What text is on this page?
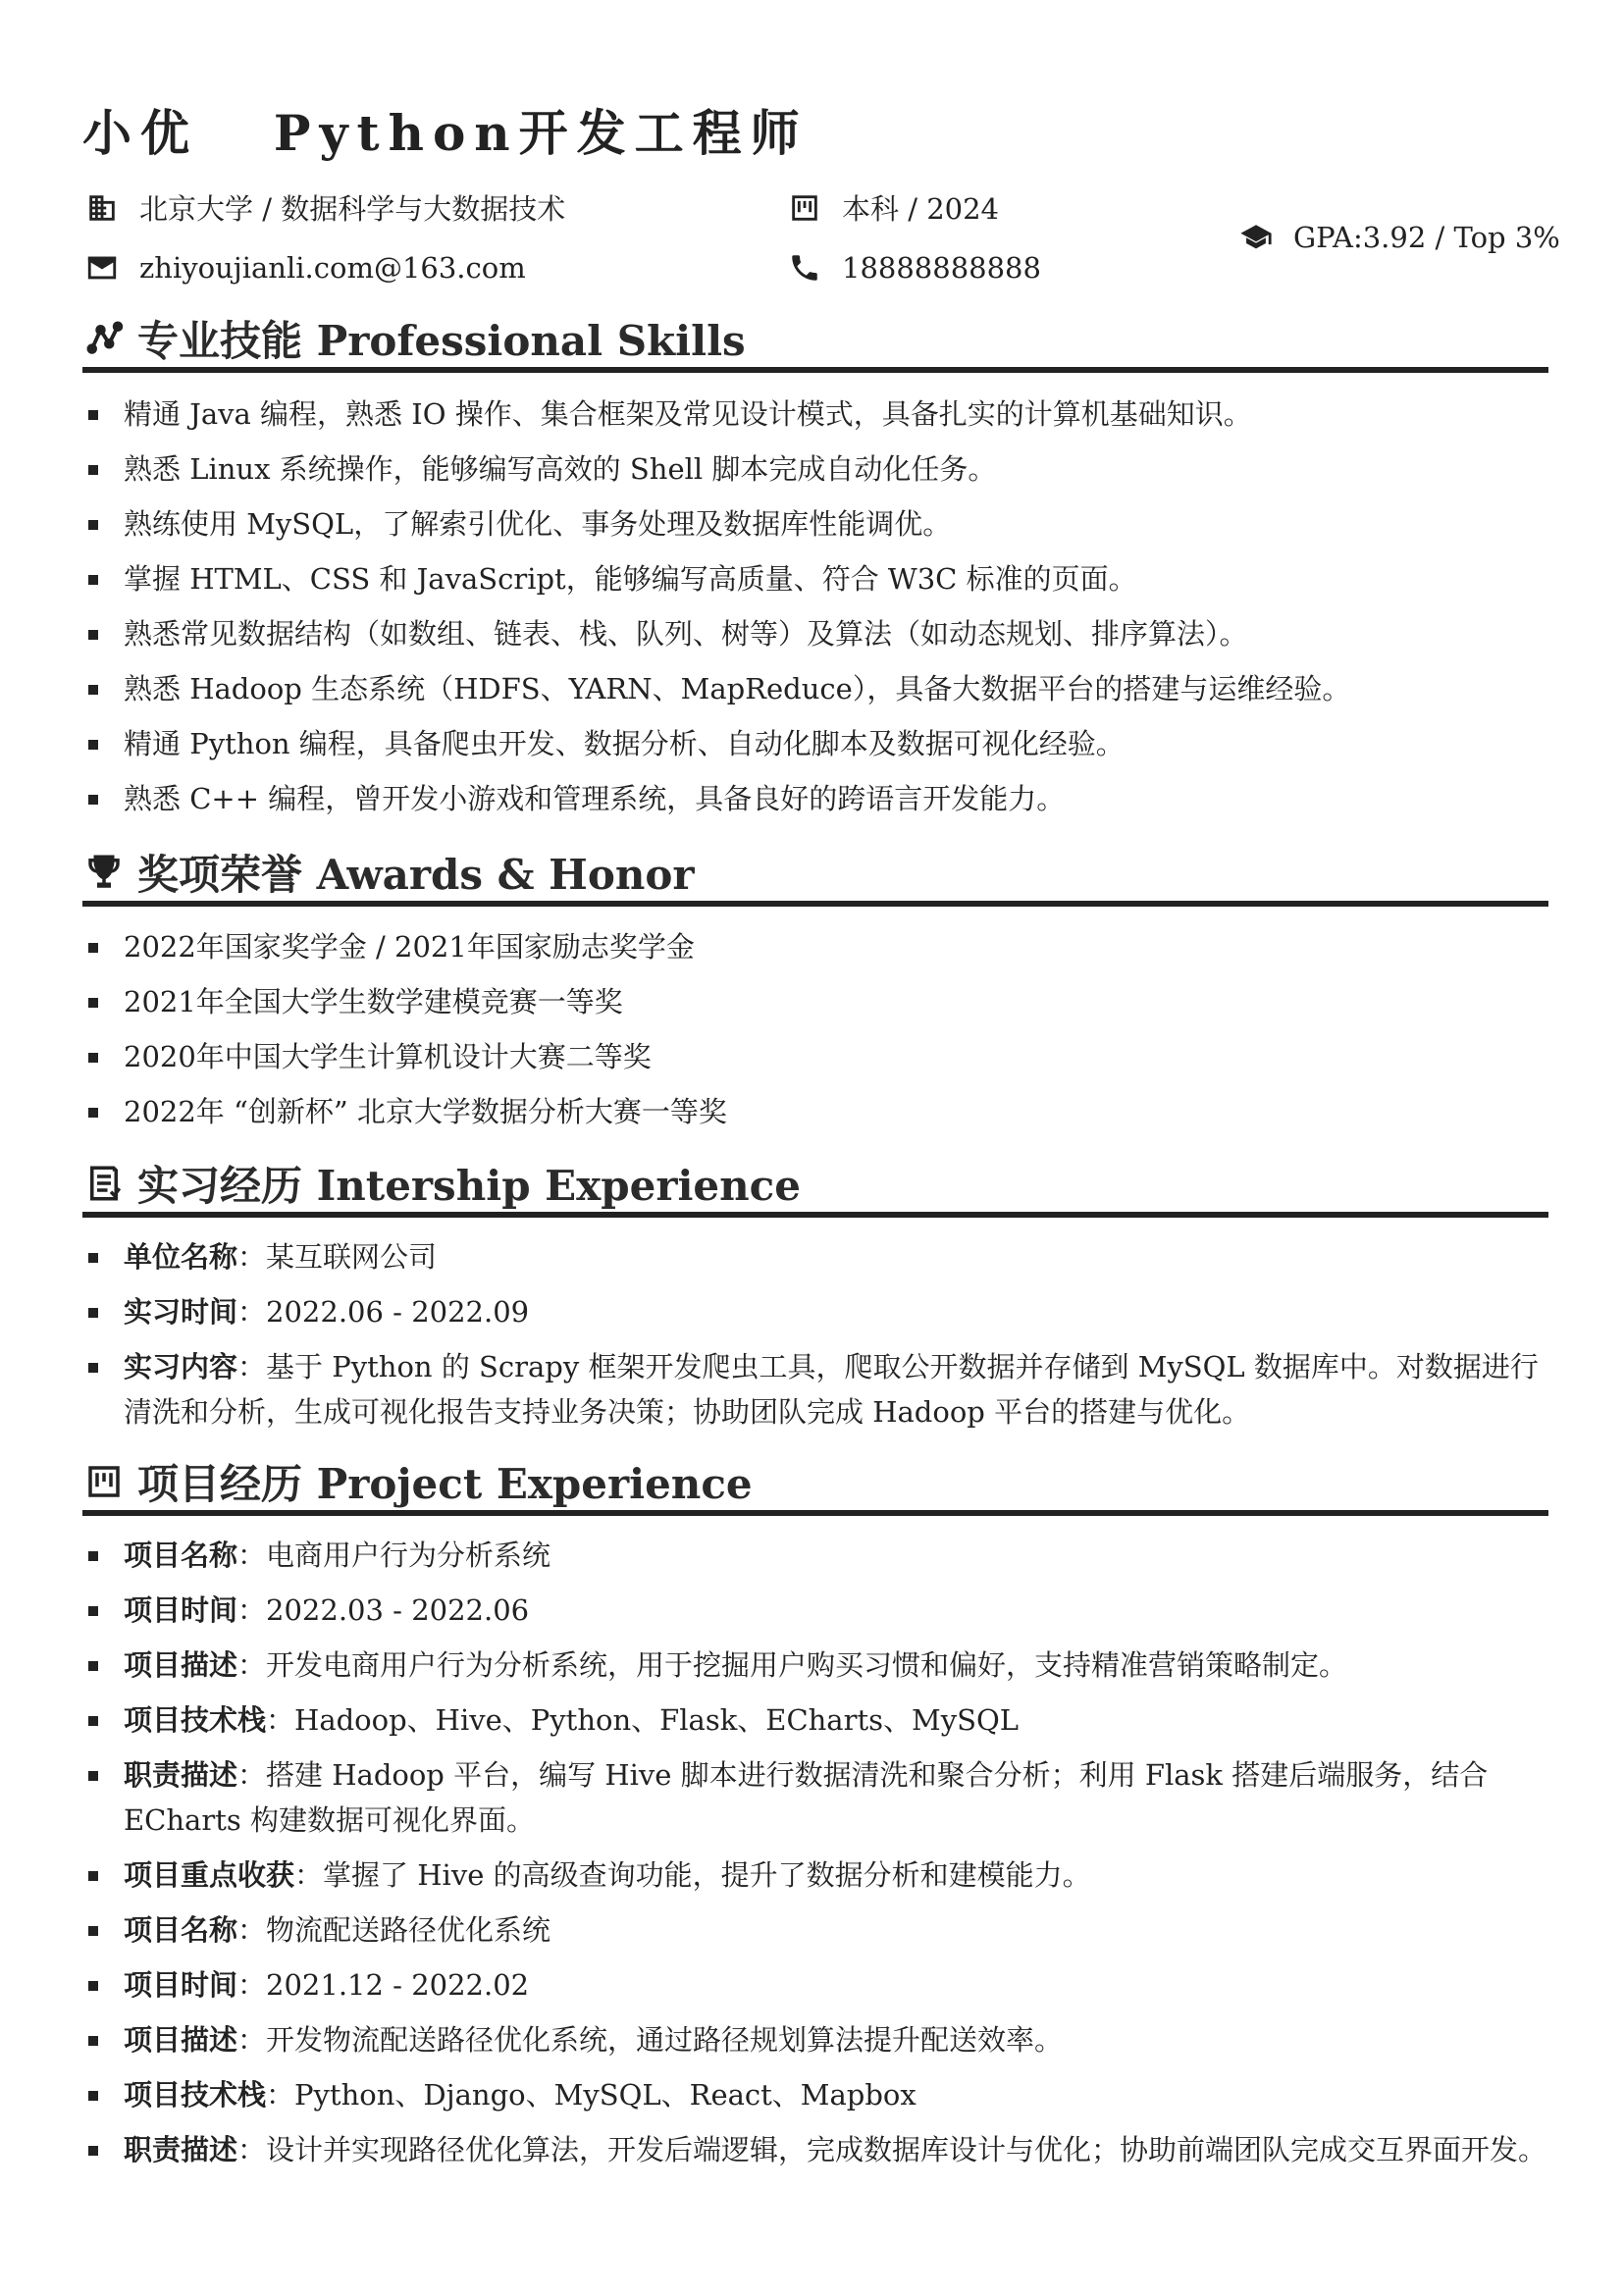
小优 Python开发工程师
北京大学 / 数据科学与大数据技术	本科 / 2024
GPA:3.92 / Top 3%
zhiyoujianli.com@163.com	18888888888
专业技能 Professional Skills
精通 Java 编程，熟悉 IO 操作、集合框架及常见设计模式，具备扎实的计算机基础知识。
熟悉 Linux 系统操作，能够编写高效的 Shell 脚本完成自动化任务。
熟练使用 MySQL，了解索引优化、事务处理及数据库性能调优。
掌握 HTML、CSS 和 JavaScript，能够编写高质量、符合 W3C 标准的页面。
熟悉常见数据结构（如数组、链表、栈、队列、树等）及算法（如动态规划、排序算法）。
熟悉 Hadoop 生态系统（HDFS、YARN、MapReduce），具备大数据平台的搭建与运维经验。
精通 Python 编程，具备爬虫开发、数据分析、自动化脚本及数据可视化经验。
熟悉 C++ 编程，曾开发小游戏和管理系统，具备良好的跨语言开发能力。
奖项荣誉 Awards & Honor
2022年国家奖学金 / 2021年国家励志奖学金
2021年全国大学生数学建模竞赛一等奖
2020年中国大学生计算机设计大赛二等奖
2022年 “创新杯” 北京大学数据分析大赛一等奖
实习经历 Intership Experience
单位名称：某互联网公司
实习时间：2022.06 - 2022.09
实习内容：基于 Python 的 Scrapy 框架开发爬虫工具，爬取公开数据并存储到 MySQL 数据库中。对数据进行清洗和分析，生成可视化报告支持业务决策；协助团队完成 Hadoop 平台的搭建与优化。
项目经历 Project Experience
项目名称：电商用户行为分析系统
项目时间：2022.03 - 2022.06
项目描述：开发电商用户行为分析系统，用于挖掘用户购买习惯和偏好，支持精准营销策略制定。
项目技术栈：Hadoop、Hive、Python、Flask、ECharts、MySQL
职责描述：搭建 Hadoop 平台，编写 Hive 脚本进行数据清洗和聚合分析；利用 Flask 搭建后端服务，结合 ECharts 构建数据可视化界面。
项目重点收获：掌握了 Hive 的高级查询功能，提升了数据分析和建模能力。
项目名称：物流配送路径优化系统
项目时间：2021.12 - 2022.02
项目描述：开发物流配送路径优化系统，通过路径规划算法提升配送效率。
项目技术栈：Python、Django、MySQL、React、Mapbox
职责描述：设计并实现路径优化算法，开发后端逻辑，完成数据库设计与优化；协助前端团队完成交互界面开发。
